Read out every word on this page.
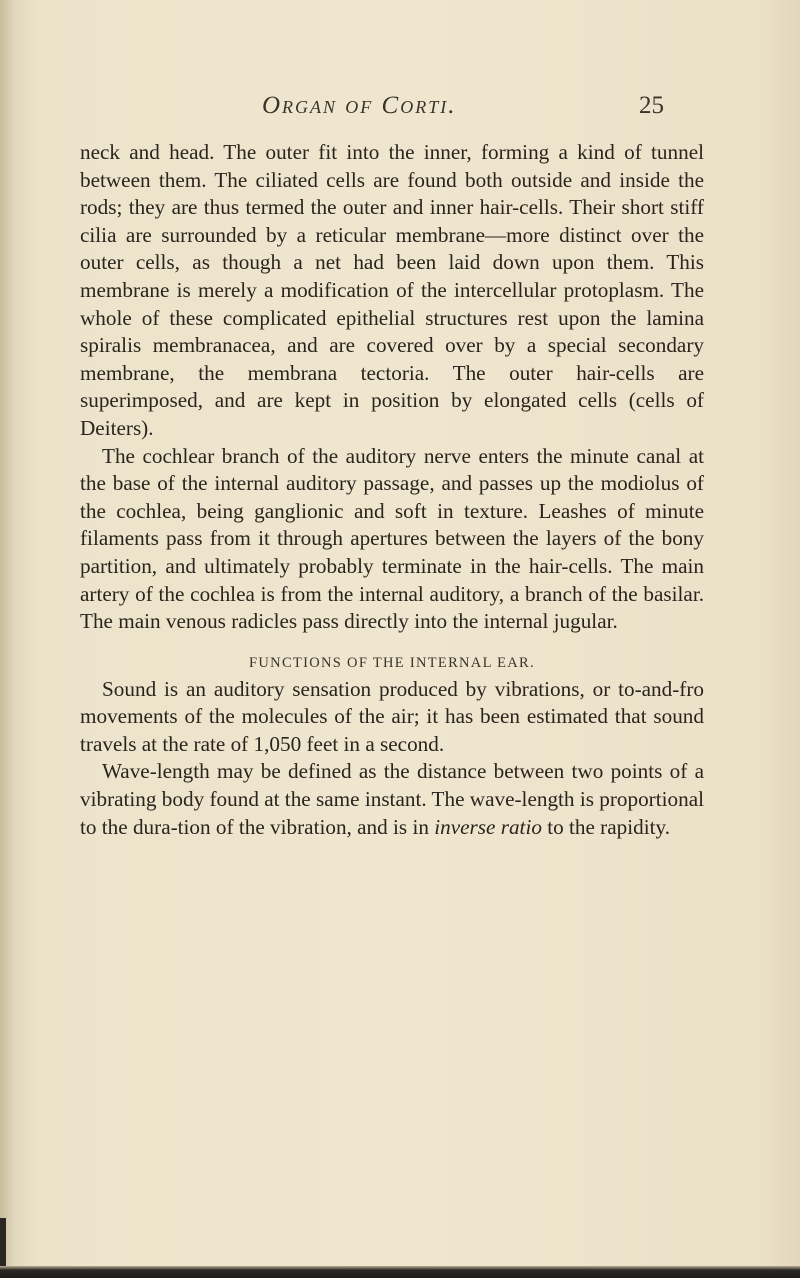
Organ of Corti.	25

neck and head. The outer fit into the inner, forming a kind of tunnel between them. The ciliated cells are found both outside and inside the rods; they are thus termed the outer and inner hair-cells. Their short stiff cilia are surrounded by a reticular membrane—more distinct over the outer cells, as though a net had been laid down upon them. This membrane is merely a modification of the intercellular protoplasm. The whole of these complicated epithelial structures rest upon the lamina spiralis membranacea, and are covered over by a special secondary membrane, the membrana tectoria. The outer hair-cells are superimposed, and are kept in position by elongated cells (cells of Deiters).

The cochlear branch of the auditory nerve enters the minute canal at the base of the internal auditory passage, and passes up the modiolus of the cochlea, being ganglionic and soft in texture. Leashes of minute filaments pass from it through apertures between the layers of the bony partition, and ultimately probably terminate in the hair-cells. The main artery of the cochlea is from the internal auditory, a branch of the basilar. The main venous radicles pass directly into the internal jugular.

FUNCTIONS OF THE INTERNAL EAR.

Sound is an auditory sensation produced by vibrations, or to-and-fro movements of the molecules of the air; it has been estimated that sound travels at the rate of 1,050 feet in a second.

Wave-length may be defined as the distance between two points of a vibrating body found at the same instant. The wave-length is proportional to the dura-tion of the vibration, and is in inverse ratio to the rapidity.
